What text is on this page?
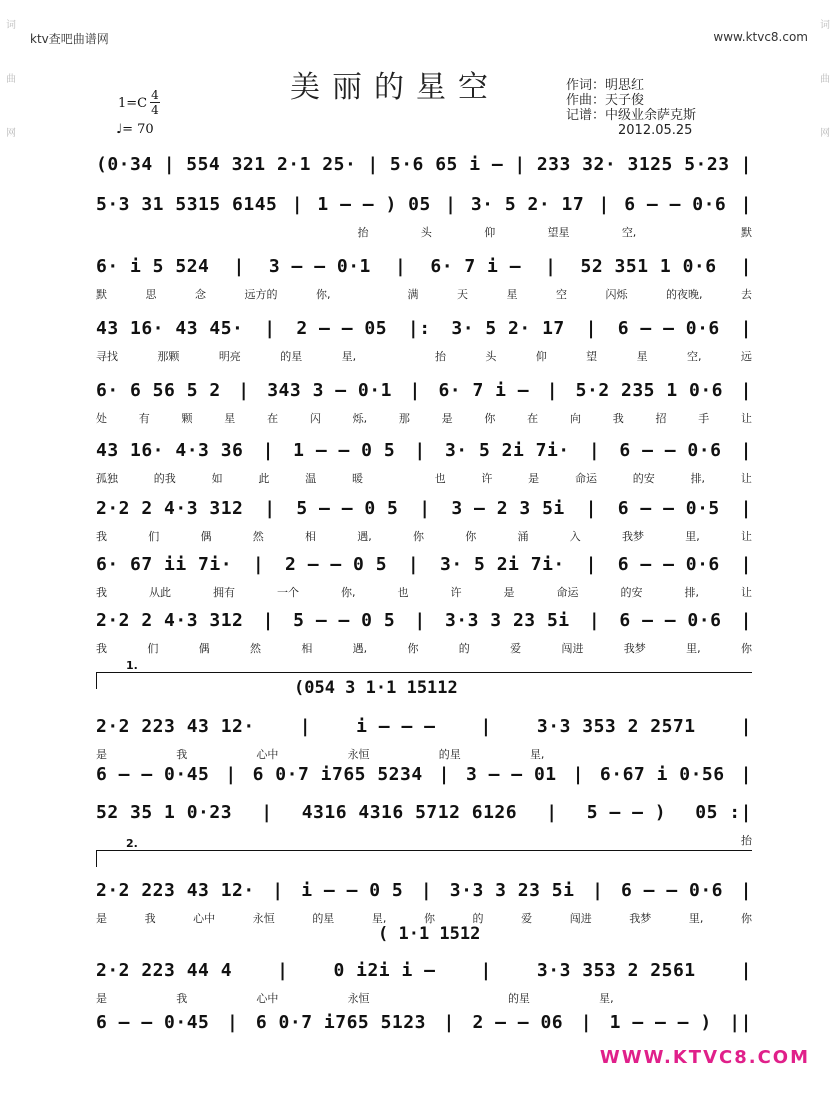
ktv查吧曲谱网	www.ktvc8.com
美丽的星空	作词：明思红
作曲：天子俊
记谱：中级业余萨克斯
2012.05.25
1=C
4
4
♩= 70
词
曲
网
词
曲
网
(0·34 | 554 321 2·1 25· | 5·6 65 i – | 233 32· 3125 5·23 |
5·3 31 5315 6145 | 1 – – ) 05 | 3· 5 2· 17 | 6 – – 0·6 |
抬	头	仰	望星	空,	默
6· i 5 524 | 3 – – 0·1 | 6· 7 i – | 52 351 1 0·6 |
默	思	念	远方的	你,	满	天	星	空	闪烁	的夜晚,	去
43 16· 43 45· | 2 – – 05 |: 3· 5 2· 17 | 6 – – 0·6 |
寻找	那颗	明亮	的星	星,	抬	头	仰	望	星	空,	远
6· 6 56 5 2 | 343 3 – 0·1 | 6· 7 i – | 5·2 235 1 0·6 |
处	有	颗	星	在	闪	烁,	那	是	你	在	向	我	招	手	让
43 16· 4·3 36 | 1 – – 0 5 | 3· 5 2i 7i· | 6 – – 0·6 |
孤独	的我	如	此	温	暖	也	许	是	命运	的安	排,	让
2·2 2 4·3 312 | 5 – – 0 5 | 3 – 2 3 5i | 6 – – 0·5 |
我	们	偶	然	相	遇,	你	你	涌	入	我梦	里,	让
6· 67 ii 7i· | 2 – – 0 5 | 3· 5 2i 7i· | 6 – – 0·6 |
我	从此	拥有	一个	你,	也	许	是	命运	的安	排,	让
2·2 2 4·3 312 | 5 – – 0 5 | 3·3 3 23 5i | 6 – – 0·6 |
我	们	偶	然	相	遇,	你	的	爱	闯进	我梦	里,	你
2·2 223 43 12·	|	i – – –	|	3·3 353 2 2571	|
是	我	心中	永恒	的星	星,
6 – – 0·45 | 6 0·7 i765 5234 | 3 – – 01 | 6·67 i 0·56 |
52 35 1 0·23 | 4316 4316 5712 6126 | 5 – – ) 05 :|
抬
2·2 223 43 12· | i – – 0 5 | 3·3 3 23 5i | 6 – – 0·6 |
是	我	心中	永恒	的星	星,	你	的	爱	闯进	我梦	里,	你
2·2 223 44 4	|	0 i2i i –	|	3·3 353 2 2561	|
是	我	心中	永恒	的星	星,
6 – – 0·45 | 6 0·7 i765 5123 | 2 – – 06 | 1 – – – ) ||
1.
(054 3 1·1 15112
2.
( 1·1 1512
WWW.KTVC8.COM
